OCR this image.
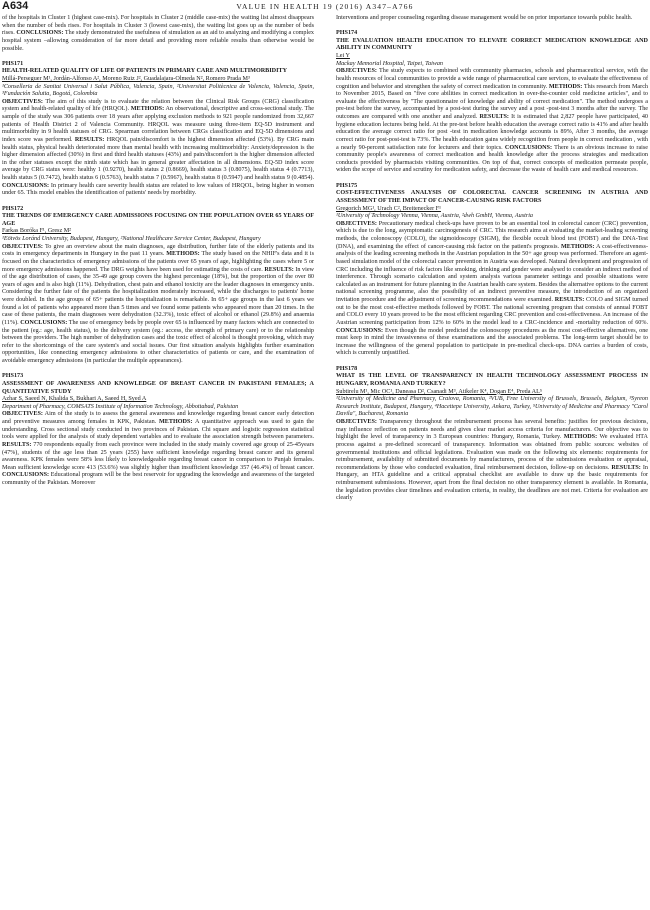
A634	VALUE IN HEALTH 19 (2016) A347–A766

of the hospitals in Cluster 1 (highest case-mix). For hospitals in Cluster 2 (middle case-mix) the waiting list almost disappears when the number of beds rises. For hospitals in Cluster 3 (lowest case-mix), the waiting list goes up as the number of beds rises. CONCLUSIONS: The study demonstrated the usefulness of simulation as an aid to analyzing and modifying a complex hospital system –allowing consideration of far more detail and providing more reliable results than otherwise would be possible.

PHS171

HEALTH-RELATED QUALITY OF LIFE OF PATIENTS IN PRIMARY CARE AND MULTIMORBIDITY

Millá-Perseguer M¹, Jordán-Alfonso A², Moreno Ruiz J², Guadalajara-Olmeda N², Romero Prada M³

¹Conselleria de Sanitat Universal i Salut Pública, Valencia, Spain, ²Universitat Politècnica de Valencia, Valencia, Spain, ³Fundación Salutia, Bogotá, Colombia

OBJECTIVES: The aim of this study is to evaluate the relation between the Clinical Risk Groups (CRG) classification system and health-related quality of life (HRQOL). METHODS: An observational, descriptive and cross-sectional study. The sample of the study was 306 patients over 18 years after applying exclusion methods to 921 people randomized from 32,667 patients of Health District 2 of Valencia Community. HRQOL was measure using three-item EQ-5D instrument and multimorbidity in 9 health statuses of CRG. Spearman correlation between CRGs classification and EQ-5D dimensions and index score was performed. RESULTS: HRQOL pain/discomfort is the highest dimension affected (53%). By CRG main health status, physical health deteriorated more than mental health with increasing multimorbidity: Anxiety/depression is the higher dimension affected (30%) in first and third health statuses (43%) and pain/discomfort is the higher dimension affected in the other statuses except the ninth state which has in general greater affectation in all dimensions. EQ-5D index score average by CRG status were: healthy 1 (0.9270), health status 2 (0.8669), health status 3 (0.8075), health status 4 (0.7713), health status 5 (0.7472), health status 6 (0.5763), health status 7 (0.5967), health status 8 (0.5947) and health status 9 (0.4854). CONCLUSIONS: In primary health care severity health status are related to low values of HRQOL, being higher in women under 65. This model enables the identification of patients' needs by morbidity.

PHS172

THE TRENDS OF EMERGENCY CARE ADMISSIONS FOCUSING ON THE POPULATION OVER 65 YEARS OF AGE

Farkas Boróka F¹, Gresz M²

¹Eötvös Loránd University, Budapest, Hungary, ²National Healthcare Service Center, Budapest, Hungary

OBJECTIVES: To give an overview about the main diagnoses, age distribution, further fate of the elderly patients and its costs in emergency departments in Hungary in the past 11 years. METHODS: The study based on the NHIF's data and it is focused on the characteristics of emergency admissions of the patients over 65 years of age, highlighting the cases where 5 or more emergency admissions happened. The DRG weights have been used for estimating the costs of care. RESULTS: In view of the age distribution of cases, the 35-49 age group covers the highest percentage (18%), but the proportion of the over 80 years of ages and is also high (11%). Dehydration, chest pain and ethanol toxicity are the leader diagnoses in emergency units. Considering the further fate of the patients the hospitalization moderately increased, while the discharges to patients' home were doubled. In the age groups of 65+ patients the hospitalization is remarkable. In 65+ age groups in the last 6 years we found a lot of patients who appeared more than 5 times and we found some patients who appeared more than 20 times. In the case of these patients, the main diagnoses were dehydration (32.3%), toxic effect of alcohol or ethanol (29.8%) and anaemia (11%). CONCLUSIONS: The use of emergency beds by people over 65 is influenced by many factors which are connected to the patient (eg.: age, health status), to the delivery system (eg.: access, the strength of primary care) or to the relationship between the providers. The high number of dehydration cases and the toxic effect of alcohol is thought provoking, which may refer to the shortcomings of the care system's and social issues. Our first situation analysis highlights further examination opportunities, like connecting emergency admissions to other characteristics of patients or care, and the examination of avoidable emergency admissions (in particular the multiple appearances).

PHS173

ASSESSMENT OF AWARENESS AND KNOWLEDGE OF BREAST CANCER IN PAKISTANI FEMALES; A QUANTITATIVE STUDY

Azhar S, Saeed N, Khalida S, Bukhari A, Saeed H, Syed A

Department of Pharmacy, COMSATS Institute of Information Technology, Abbottabad, Pakistan

OBJECTIVES: Aim of the study is to assess the general awareness and knowledge regarding breast cancer early detection and preventive measures among females in KPK, Pakistan. METHODS: A quantitative approach was used to gain the understanding. Cross sectional study conducted in two provinces of Pakistan. Chi square and logistic regression statistical tools were applied for the analysis of study dependent variables and to evaluate the association strength between parameters. RESULTS: 770 respondents equally from each province were included in the study mainly covered age group of 25-45years (47%), students of the age less than 25 years (255) have sufficient knowledge regarding breast cancer and its general awareness. KPK females were 58% less likely to knowledgeable regarding breast cancer in comparison to Punjab females. Mean sufficient knowledge score 413 (53.6%) was slightly higher than insufficient knowledge 357 (46.4%) of breast cancer. CONCLUSIONS: Educational program will be the best reservoir for upgrading the knowledge and awareness of the targeted community of the Pakistan. Moreover

Interventions and proper counseling regarding disease management would be on prior importance towards public health.

PHS174

THE EVALUATION HEALTH EDUCATION TO ELEVATE CORRECT MEDICATION KNOWLEDGE AND ABILITY IN COMMUNITY

Lei Y

Mackay Memorial Hospital, Taipei, Taiwan

OBJECTIVES: The study expects to combined with community pharmacies, schools and pharmaceutical service, with the health resources of local communities to provide a wide range of pharmaceutical care services, to evaluate the effectiveness of cognition and behavior and strengthen the safety of correct medication in community. METHODS: This research from March to November 2015, Based on "five core abilities in correct medication in over-the-counter cold medicine articles", and to evaluate the effectiveness by "The questionnaire of knowledge and ability of correct medication". The method undergoes a pre-test before the survey, accompanied by a post-test during the survey and a post -post-test 3 months after the survey. The outcomes are compared with one another and analyzed. RESULTS: It is estimated that 2,827 people have participated, 40 hygiene education lectures being held. At the pre-test before health education the average correct ratio is 41% and after health education the average correct ratio for post -test in medication knowledge accounts is 89%, After 3 months, the average correct ratio for post-post-test is 73%. The health education gains widely recognition from people in correct medication , with a nearly 90-percent satisfaction rate for lecturers and their topics. CONCLUSIONS: There is an obvious increase to raise community people's awareness of correct medication and health knowledge after the process strategies and medication conducts provided by pharmacists visiting communities. On top of that, correct concepts of medication permeate people, widen the scope of service and scrutiny for medication safety, and decrease the waste of health care and medical resources.

PHS175

COST-EFFECTIVENESS ANALYSIS OF COLORECTAL CANCER SCREENING IN AUSTRIA AND ASSESSMENT OF THE IMPACT OF CANCER-CAUSING RISK FACTORS

Gregorich MG¹, Urach C², Breitenecker F¹

¹University of Technology Vienna, Vienna, Austria, ²dwh GmbH, Vienna, Austria

OBJECTIVES: Precautionary medical check-ups have proven to be an essential tool in colorectal cancer (CRC) prevention, which is due to the long, asymptomatic carcinogenesis of CRC. This research aims at evaluating the market-leading screening methods, the colonoscopy (COLO), the sigmoidoscopy (SIGM), the flexible occult blood test (FOBT) and the DNA-Test (DNA), and examining the effect of cancer-causing risk factor on the patient's prognosis. METHODS: A cost-effectiveness-analysis of the leading screening methods in the Austrian population in the 50+ age group was performed. Therefore an agent-based simulation model of the colorectal cancer prevention in Austria was developed. Natural development and progression of CRC including the influence of risk factors like smoking, drinking and gender were analysed to consider an indirect method of interference. Through scenario calculation and system analysis various parameter settings and possible situations were calculated as an instrument for future planning in the Austrian health care system. Besides the alternative options to the current national screening programme, also the possibility of an indirect preventive measure, the introduction of an organized invitation procedure and the adjustment of screening recommendations were examined. RESULTS: COLO and SIGM turned out to be the most cost-effective methods followed by FOBT. The national screening program that consists of annual FOBT and COLO every 10 years proved to be the most efficient regarding CRC prevention and cost-effectiveness. An increase of the Austrian screening participation from 12% to 60% in the model lead to a CRC-incidence and -mortality reduction of 60%. CONCLUSIONS: Even though the model predicted the colonoscopy procedures as the most cost-effective alternatives, one must keep in mind the invasiveness of these examinations and the associated problems. The long-term target should be to increase the willingness of the general population to participate in pre-medical check-ups. DNA carries a burden of costs, which is currently unjustified.

PHS178

WHAT IS THE LEVEL OF TRANSPARENCY IN HEALTH TECHNOLOGY ASSESSMENT PROCESS IN HUNGARY, ROMANIA AND TURKEY?

Subtirelu M¹, Mic OC¹, Daneasa D², Csanadi M³, Atikeler K⁴, Dogan E⁴, Preda AL⁵

¹University of Medicine and Pharmacy, Craiova, Romania, ²VUB, Free University of Brussels, Brussels, Belgium, ³Syreon Research Institute, Budapest, Hungary, ⁴Hacettepe University, Ankara, Turkey, ⁵University of Medicine and Pharmacy "Carol Davila", Bucharest, Romania

OBJECTIVES: Transparency throughout the reimbursement process has several benefits: justifies for previous decisions, may influence reflection on patients needs and gives clear market access criteria for manufacturers. Our objective was to highlight the level of transparency in 3 European countries: Hungary, Romania, Turkey. METHODS: We evaluated HTA process against a pre-defined scorecard of transparency. Information was obtained from public sources: websites of governmental institutions and official legislations. Evaluation was made on the following six elements: requirements for reimbursement, availability of submitted documents by manufacturers, process of the submissions evaluation or appraisal, recommendations by those who conducted evaluation, final reimbursement decision, follow-up on decisions. RESULTS: In Hungary, an HTA guideline and a critical appraisal checklist are available to draw up the basic requirements for reimbursement submissions. However, apart from the final decision no other transparency element is available. In Romania, the legislation provides clear timelines and evaluation criteria, in reality, the deadlines are not met. Criteria for evaluation are clearly
